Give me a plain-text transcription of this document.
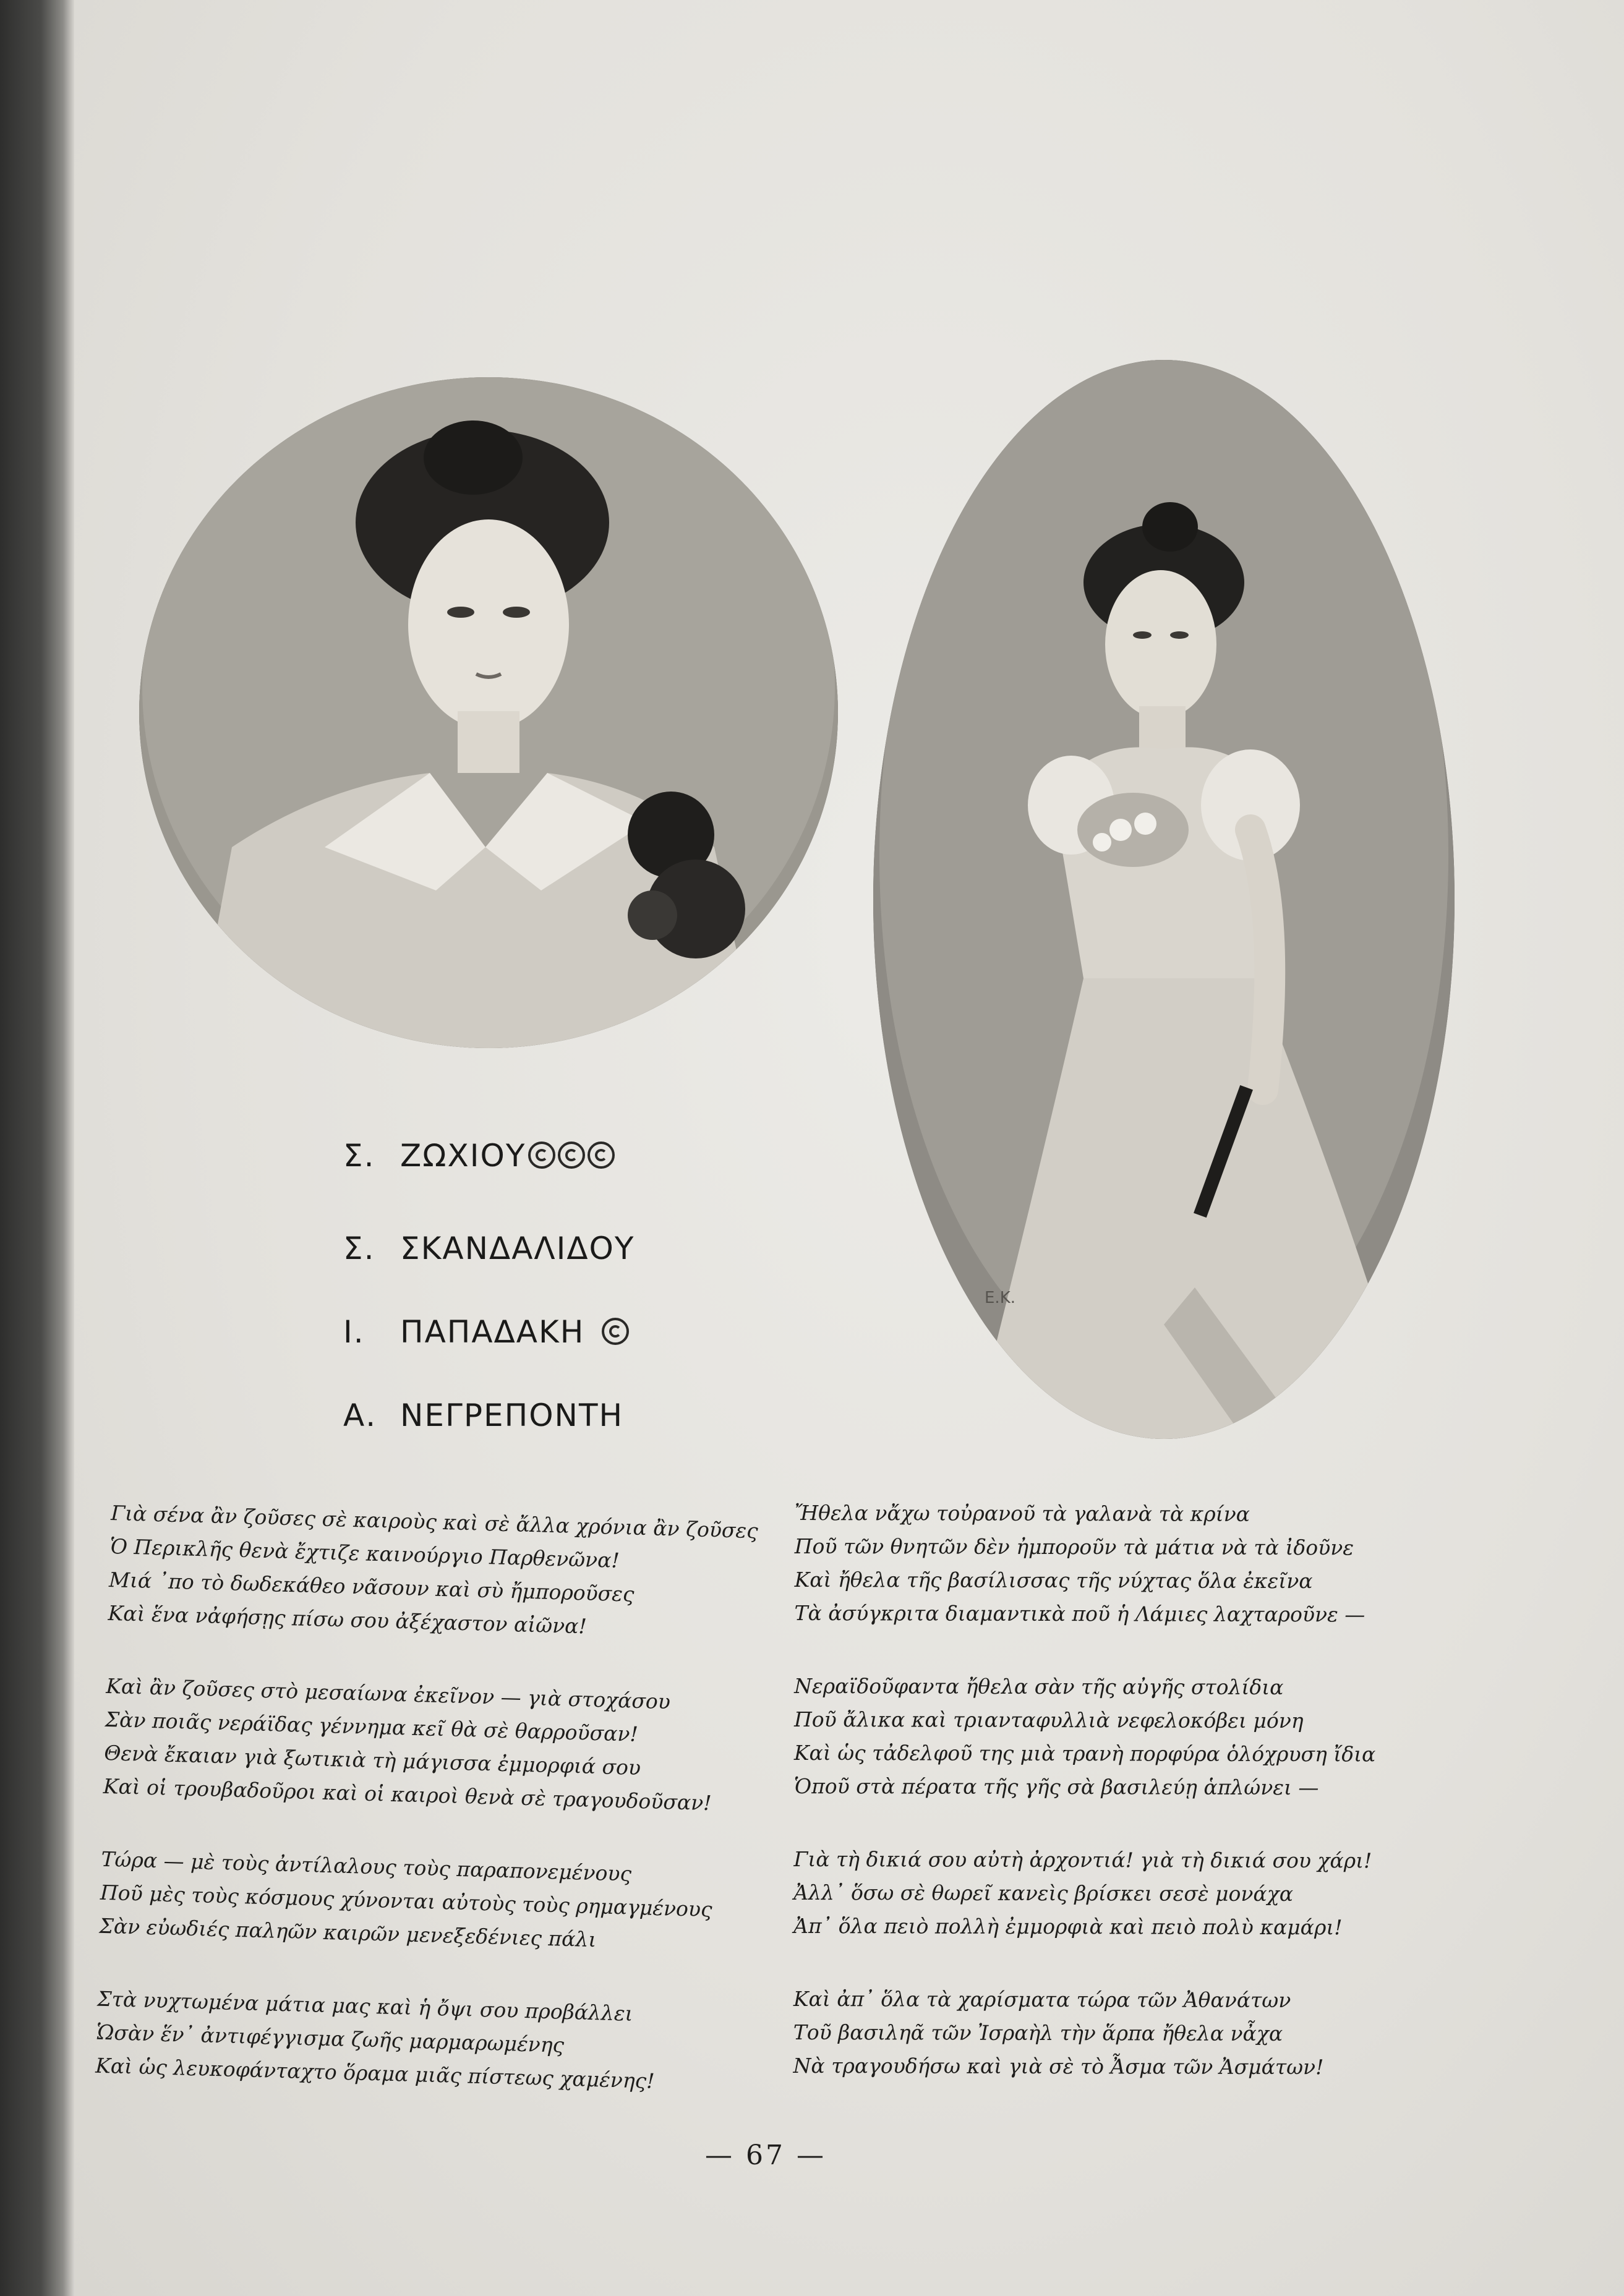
E.K.
Σ. ΖΩΧΙΟΥ
Σ. ΣΚΑΝΔΑΛΙΔΟΥ
Ι. ΠΑΠΑΔΑΚΗ
Α. ΝΕΓΡΕΠΟΝΤΗ
Γιὰ σένα ἂν ζοῦσες σὲ καιροὺς καὶ σὲ ἄλλα χρόνια ἂν ζοῦσες
Ὁ Περικλῆς θενὰ ἔχτιζε καινούργιο Παρθενῶνα!
Μιά ᾿πο τὸ δωδεκάθεο νᾶσουν καὶ σὺ ἤμποροῦσες
Καὶ ἕνα νἀφήσῃς πίσω σου ἀξέχαστον αἰῶνα!
Καὶ ἂν ζοῦσες στὸ μεσαίωνα ἐκεῖνον — γιὰ στοχάσου
Σὰν ποιᾶς νεράϊδας γέννημα κεῖ θὰ σὲ θαρροῦσαν!
Θενὰ ἔκαιαν γιὰ ξωτικιὰ τὴ μάγισσα ἐμμορφιά σου
Καὶ οἱ τρουβαδοῦροι καὶ οἱ καιροὶ θενὰ σὲ τραγουδοῦσαν!
Τώρα — μὲ τοὺς ἀντίλαλους τοὺς παραπονεμένους
Ποῦ μὲς τοὺς κόσμους χύνονται αὐτοὺς τοὺς ρημαγμένους
Σὰν εὐωδιές παληῶν καιρῶν μενεξεδένιες πάλι
Στὰ νυχτωμένα μάτια μας καὶ ἡ ὄψι σου προβάλλει
Ὡσὰν ἕν᾿ ἀντιφέγγισμα ζωῆς μαρμαρωμένης
Καὶ ὡς λευκοφάνταχτο ὅραμα μιᾶς πίστεως χαμένης!
Ἤθελα νἄχω τοὐρανοῦ τὰ γαλανὰ τὰ κρίνα
Ποῦ τῶν θνητῶν δὲν ἠμποροῦν τὰ μάτια νὰ τὰ ἰδοῦνε
Καὶ ἤθελα τῆς βασίλισσας τῆς νύχτας ὅλα ἐκεῖνα
Τὰ ἀσύγκριτα διαμαντικὰ ποῦ ἡ Λάμιες λαχταροῦνε —
Νεραϊδοῦφαντα ἤθελα σὰν τῆς αὐγῆς στολίδια
Ποῦ ἄλικα καὶ τριανταφυλλιὰ νεφελοκόβει μόνη
Καὶ ὡς τἀδελφοῦ της μιὰ τρανὴ πορφύρα ὁλόχρυση ἴδια
Ὁποῦ στὰ πέρατα τῆς γῆς σὰ βασιλεύῃ ἁπλώνει —
Γιὰ τὴ δικιά σου αὐτὴ ἀρχοντιά! γιὰ τὴ δικιά σου χάρι!
Ἀλλ᾿ ὅσω σὲ θωρεῖ κανεὶς βρίσκει σεσὲ μονάχα
Ἀπ᾿ ὅλα πειὸ πολλὴ ἐμμορφιὰ καὶ πειὸ πολὺ καμάρι!
Καὶ ἀπ᾿ ὅλα τὰ χαρίσματα τώρα τῶν Ἀθανάτων
Τοῦ βασιληᾶ τῶν Ἰσραὴλ τὴν ἅρπα ἤθελα νἆχα
Νὰ τραγουδήσω καὶ γιὰ σὲ τὸ Ἆσμα τῶν Ἀσμάτων!
— 67 —
